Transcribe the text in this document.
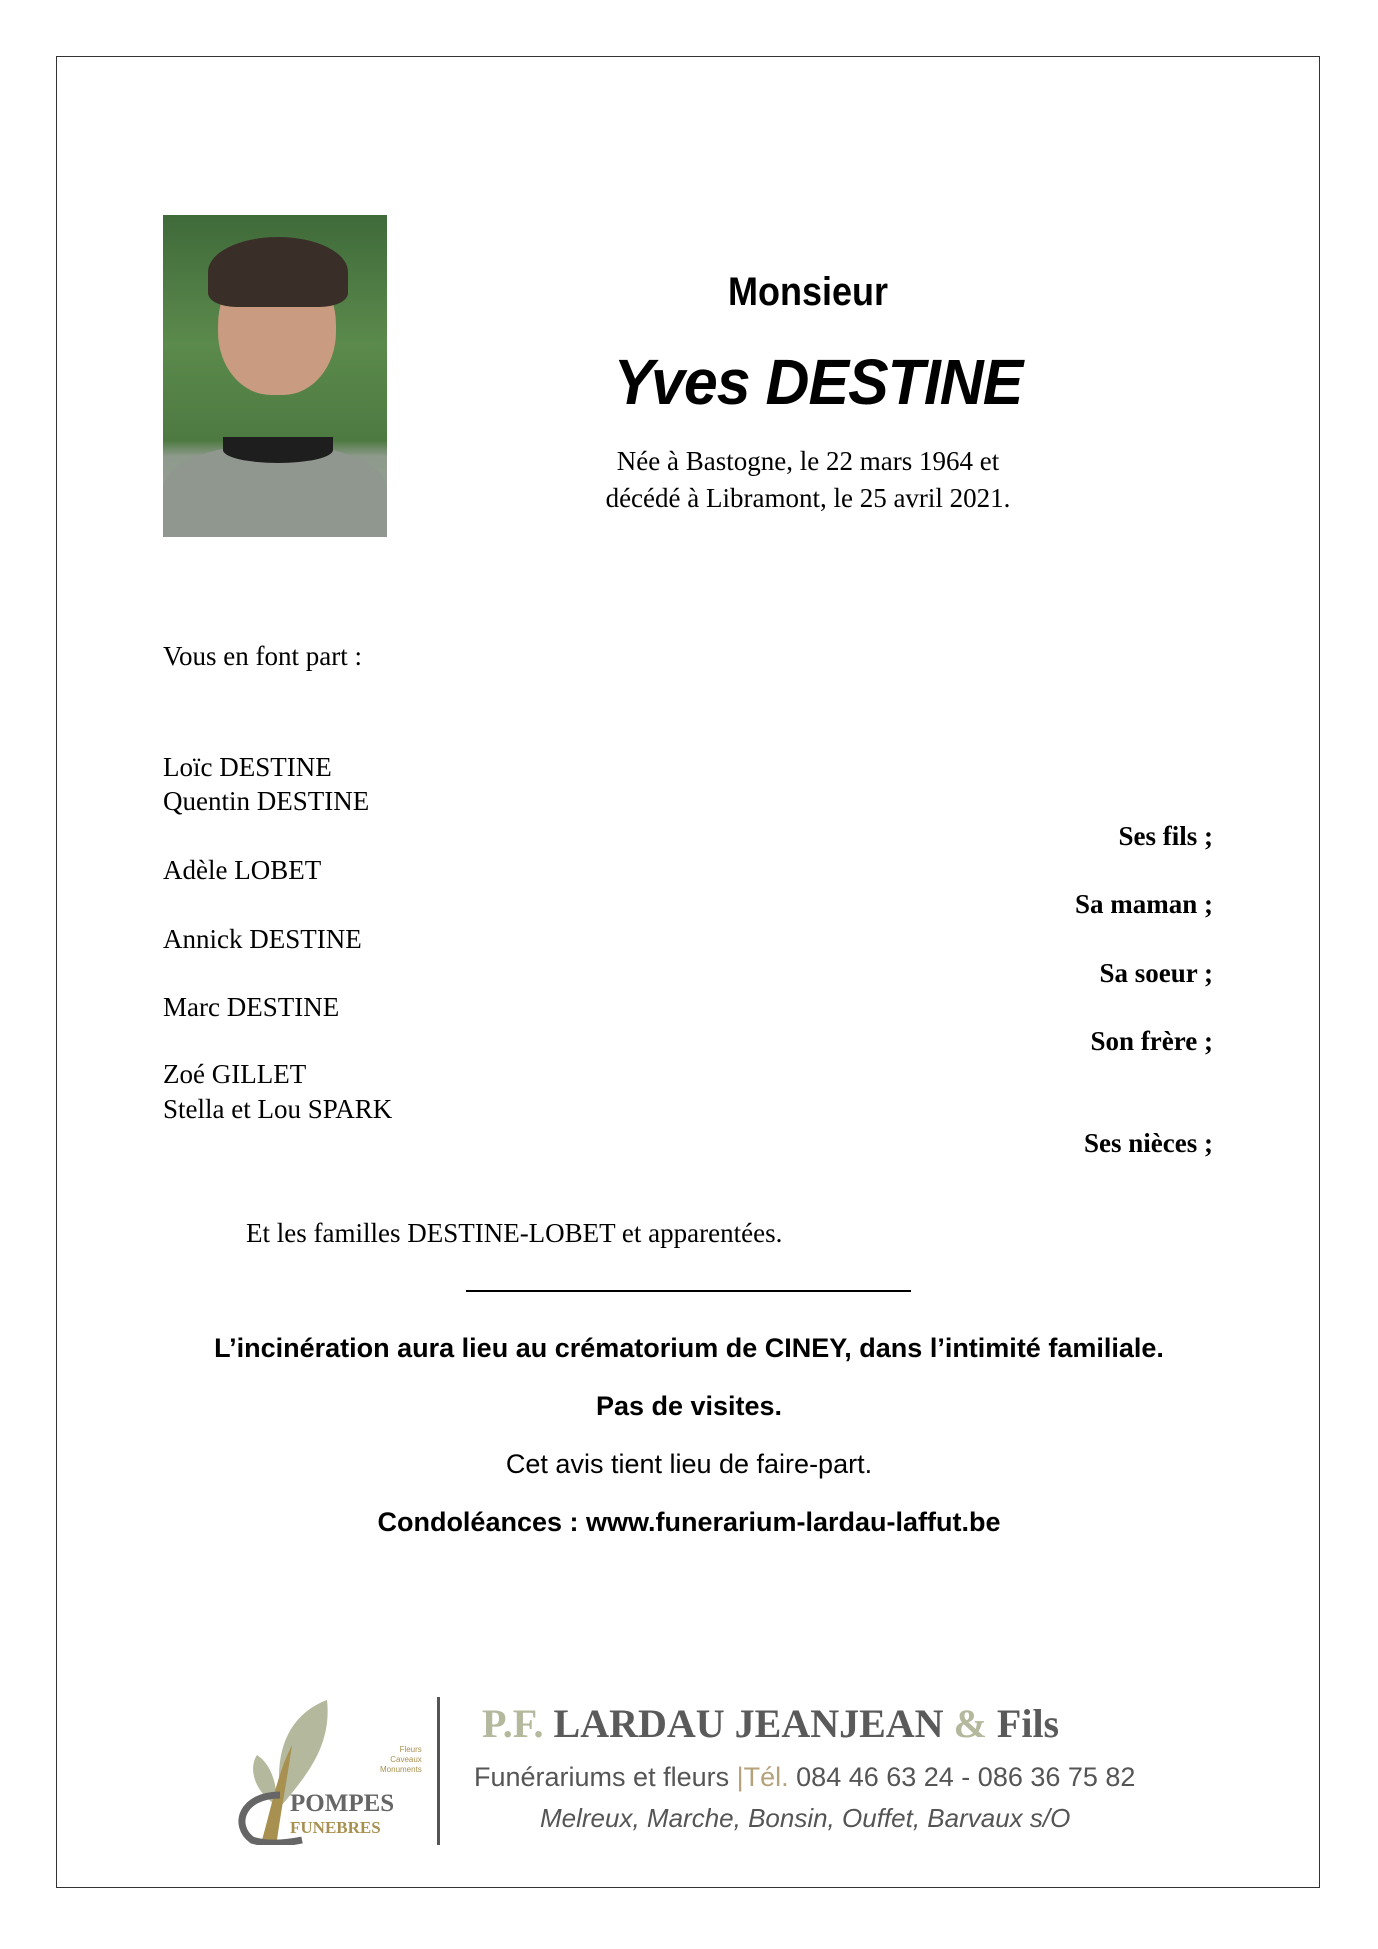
Monsieur
Yves DESTINE
Née à Bastogne, le 22 mars 1964 et
décédé à Libramont, le 25 avril 2021.
Vous en font part :
Loïc DESTINE
Quentin DESTINE
Adèle LOBET
Annick DESTINE
Marc DESTINE
Zoé GILLET
Stella et Lou SPARK
Ses fils ;
Sa maman ;
Sa soeur ;
Son frère ;
Ses nièces ;
Et les familles DESTINE-LOBET et apparentées.
L’incinération aura lieu au crématorium de CINEY, dans l’intimité familiale.
Pas de visites.
Cet avis tient lieu de faire-part.
Condoléances : www.funerarium-lardau-laffut.be
Fleurs
Caveaux
Monuments
POMPES
FUNEBRES
P.F. LARDAU JEANJEAN & Fils
Funérariums et fleurs |Tél. 084 46 63 24 - 086 36 75 82
Melreux, Marche, Bonsin, Ouffet, Barvaux s/O
